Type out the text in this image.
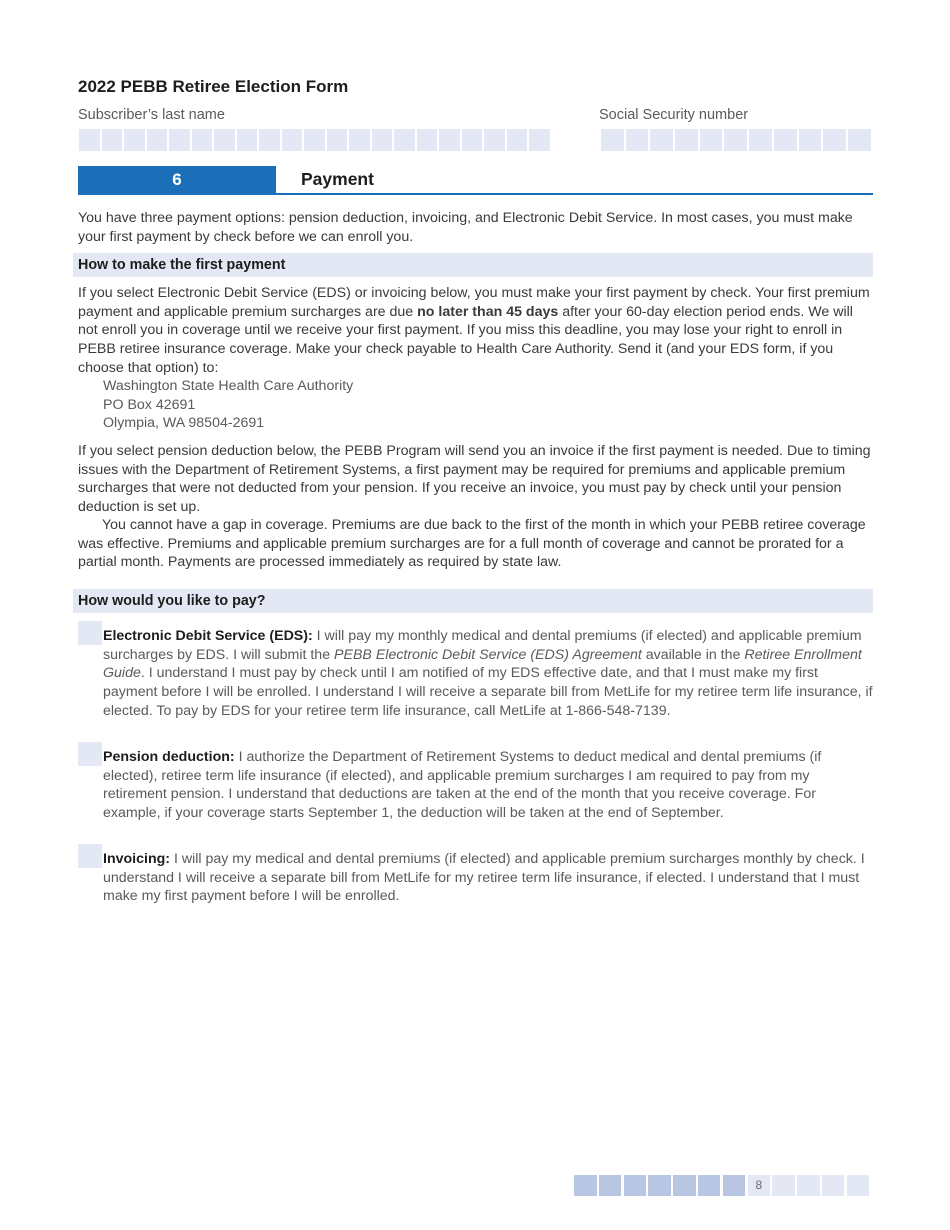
2022 PEBB Retiree Election Form
Subscriber’s last name	Social Security number
6	Payment
You have three payment options: pension deduction, invoicing, and Electronic Debit Service. In most cases, you must make your first payment by check before we can enroll you.
How to make the first payment
If you select Electronic Debit Service (EDS) or invoicing below, you must make your first payment by check. Your first premium payment and applicable premium surcharges are due no later than 45 days after your 60-day election period ends. We will not enroll you in coverage until we receive your first payment. If you miss this deadline, you may lose your right to enroll in PEBB retiree insurance coverage. Make your check payable to Health Care Authority. Send it (and your EDS form, if you choose that option) to:
Washington State Health Care Authority
PO Box 42691
Olympia, WA 98504-2691
If you select pension deduction below, the PEBB Program will send you an invoice if the first payment is needed. Due to timing issues with the Department of Retirement Systems, a first payment may be required for premiums and applicable premium surcharges that were not deducted from your pension. If you receive an invoice, you must pay by check until your pension deduction is set up.
You cannot have a gap in coverage. Premiums are due back to the first of the month in which your PEBB retiree coverage was effective. Premiums and applicable premium surcharges are for a full month of coverage and cannot be prorated for a partial month. Payments are processed immediately as required by state law.
How would you like to pay?
Electronic Debit Service (EDS): I will pay my monthly medical and dental premiums (if elected) and applicable premium surcharges by EDS. I will submit the PEBB Electronic Debit Service (EDS) Agreement available in the Retiree Enrollment Guide. I understand I must pay by check until I am notified of my EDS effective date, and that I must make my first payment before I will be enrolled. I understand I will receive a separate bill from MetLife for my retiree term life insurance, if elected. To pay by EDS for your retiree term life insurance, call MetLife at 1-866-548-7139.
Pension deduction: I authorize the Department of Retirement Systems to deduct medical and dental premiums (if elected), retiree term life insurance (if elected), and applicable premium surcharges I am required to pay from my retirement pension. I understand that deductions are taken at the end of the month that you receive coverage. For example, if your coverage starts September 1, the deduction will be taken at the end of September.
Invoicing: I will pay my medical and dental premiums (if elected) and applicable premium surcharges monthly by check. I understand I will receive a separate bill from MetLife for my retiree term life insurance, if elected. I understand that I must make my first payment before I will be enrolled.
8
